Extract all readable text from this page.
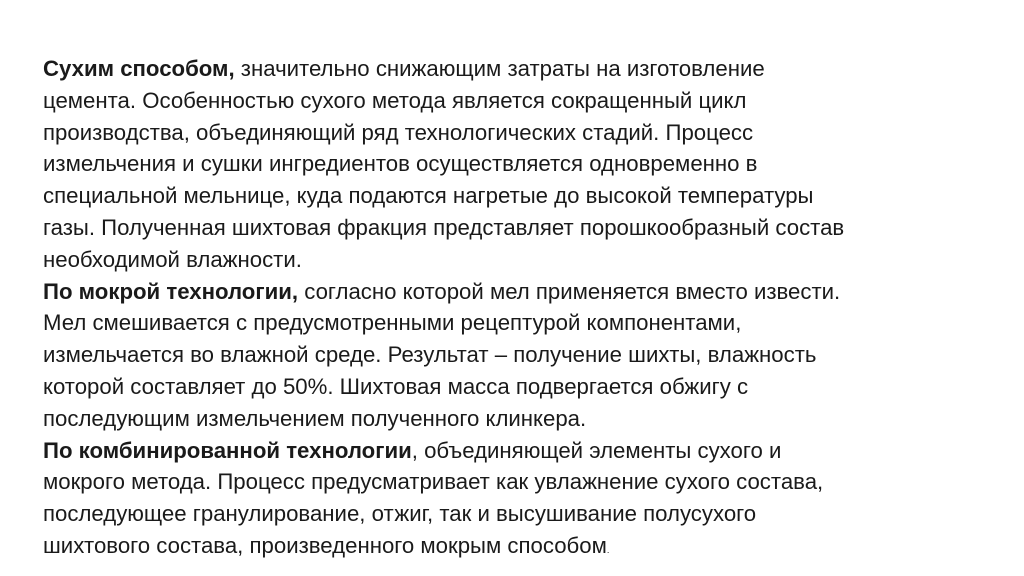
Сухим способом, значительно снижающим затраты на изготовление
цемента. Особенностью сухого метода является сокращенный цикл
производства, объединяющий ряд технологических стадий. Процесс
измельчения и сушки ингредиентов осуществляется одновременно в
специальной мельнице, куда подаются нагретые до высокой температуры
газы. Полученная шихтовая фракция представляет порошкообразный состав
необходимой влажности.
По мокрой технологии, согласно которой мел применяется вместо извести.
Мел смешивается с предусмотренными рецептурой компонентами,
измельчается во влажной среде. Результат – получение шихты, влажность
которой составляет до 50%. Шихтовая масса подвергается обжигу с
последующим измельчением полученного клинкера.
По комбинированной технологии, объединяющей элементы сухого и
мокрого метода. Процесс предусматривает как увлажнение сухого состава,
последующее гранулирование, отжиг, так и высушивание полусухого
шихтового состава, произведенного мокрым способом.
